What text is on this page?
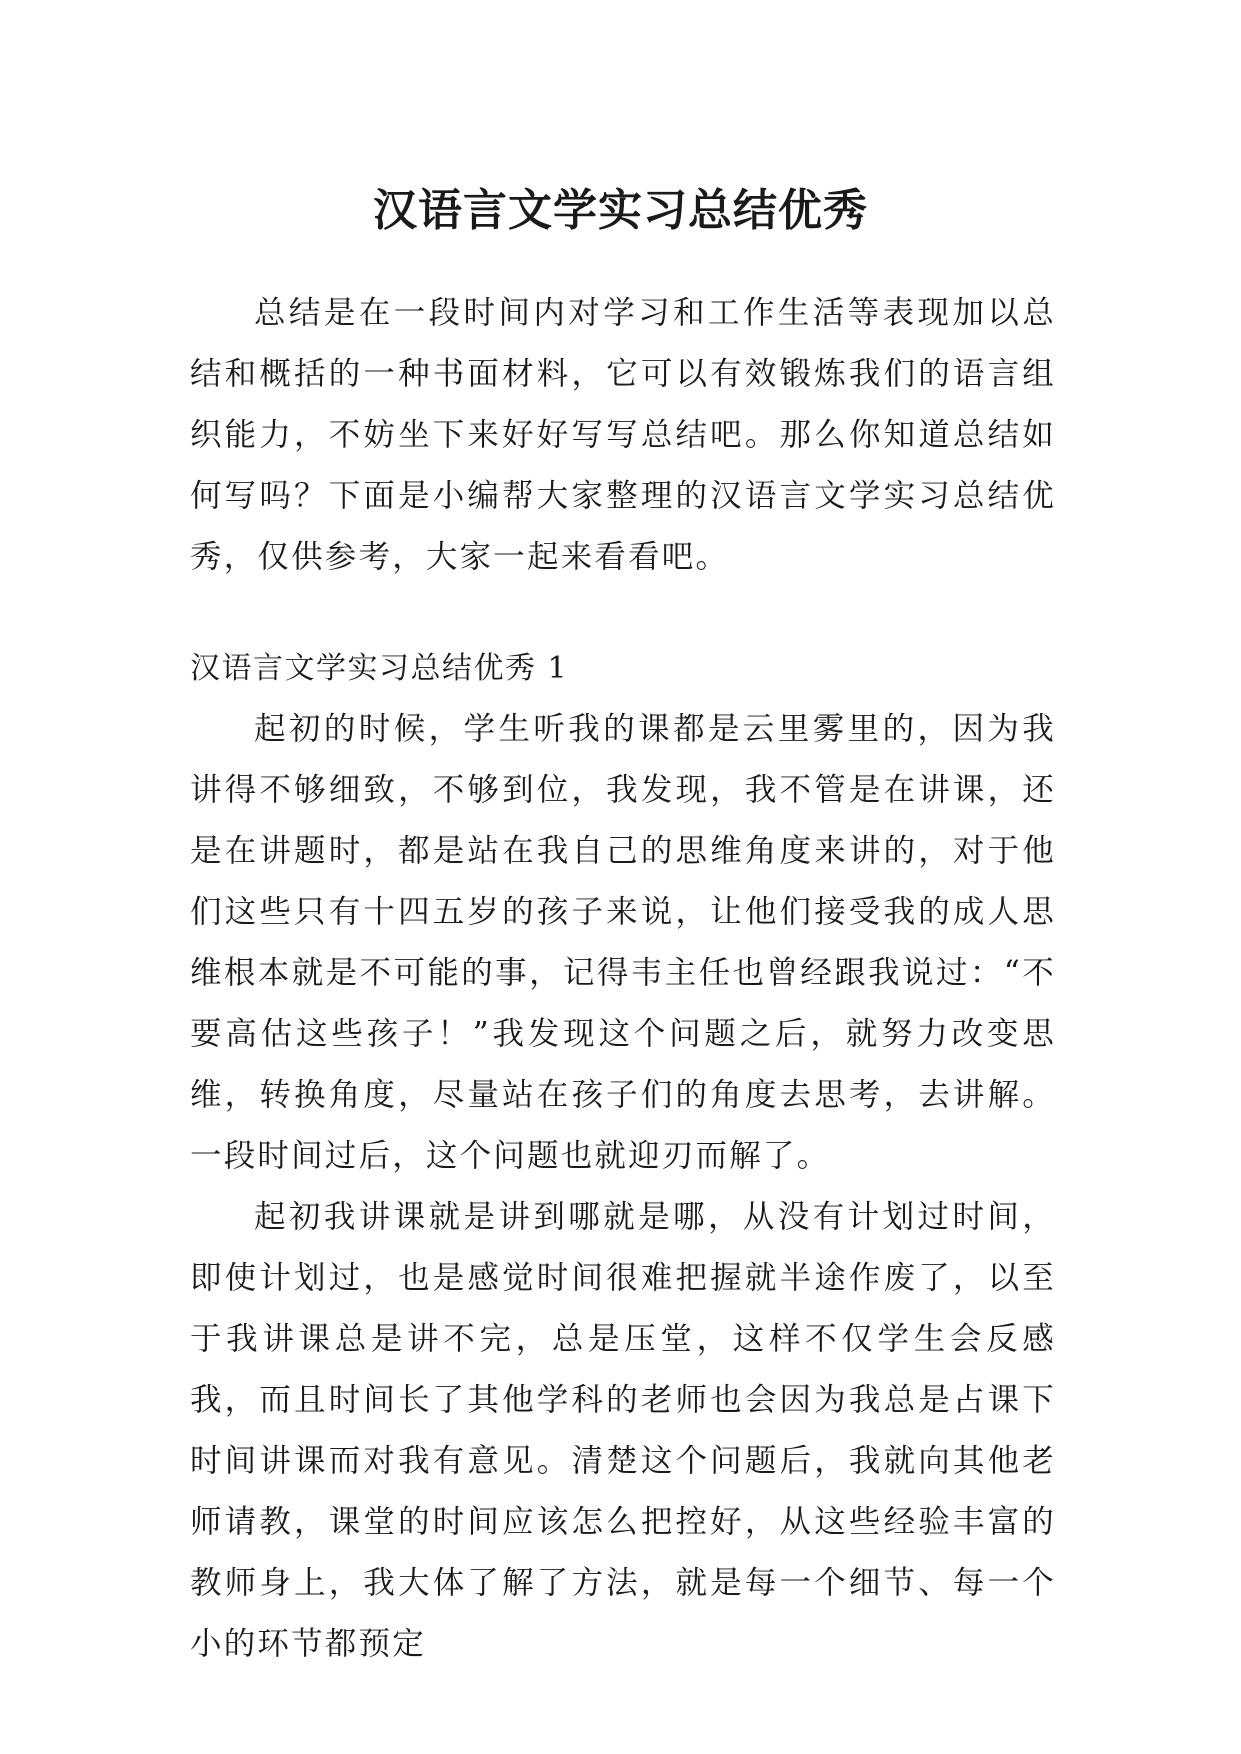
汉语言文学实习总结优秀

总结是在一段时间内对学习和工作生活等表现加以总结和概括的一种书面材料，它可以有效锻炼我们的语言组织能力，不妨坐下来好好写写总结吧。那么你知道总结如何写吗？下面是小编帮大家整理的汉语言文学实习总结优秀，仅供参考，大家一起来看看吧。

汉语言文学实习总结优秀 1

起初的时候，学生听我的课都是云里雾里的，因为我讲得不够细致，不够到位，我发现，我不管是在讲课，还是在讲题时，都是站在我自己的思维角度来讲的，对于他们这些只有十四五岁的孩子来说，让他们接受我的成人思维根本就是不可能的事，记得韦主任也曾经跟我说过：“不要高估这些孩子！”我发现这个问题之后，就努力改变思维，转换角度，尽量站在孩子们的角度去思考，去讲解。一段时间过后，这个问题也就迎刃而解了。

起初我讲课就是讲到哪就是哪，从没有计划过时间，即使计划过，也是感觉时间很难把握就半途作废了，以至于我讲课总是讲不完，总是压堂，这样不仅学生会反感我，而且时间长了其他学科的老师也会因为我总是占课下时间讲课而对我有意见。清楚这个问题后，我就向其他老师请教，课堂的时间应该怎么把控好，从这些经验丰富的教师身上，我大体了解了方法，就是每一个细节、每一个小的环节都预定
